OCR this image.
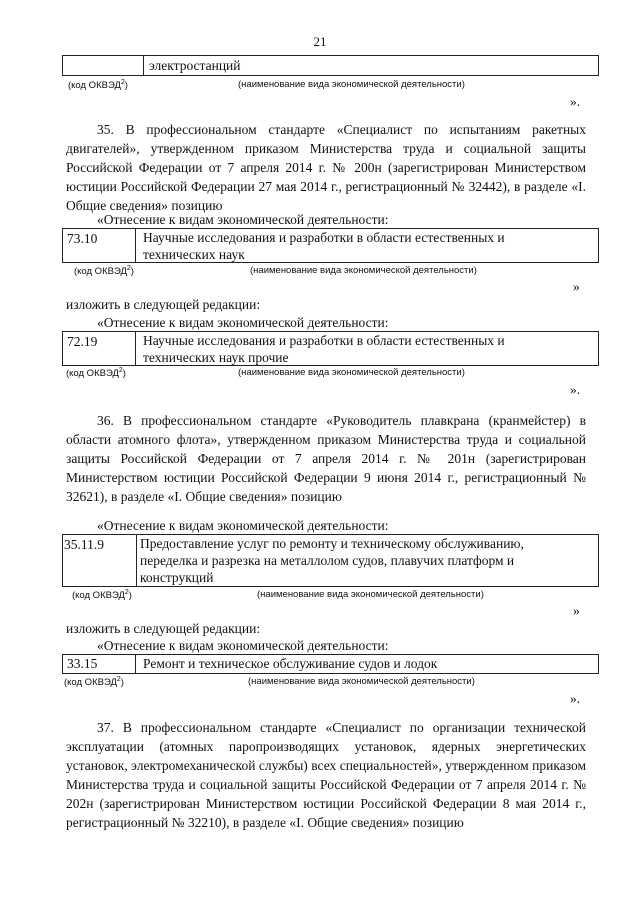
21
электростанций
(код ОКВЭД$^2$)	(наименование вида экономической деятельности)
».
35. В профессиональном стандарте «Специалист по испытаниям ракетных двигателей», утвержденном приказом Министерства труда и социальной защиты Российской Федерации от 7 апреля 2014 г. № 200н (зарегистрирован Министерством юстиции Российской Федерации 27 мая 2014 г., регистрационный № 32442), в разделе «I. Общие сведения» позицию
«Отнесение к видам экономической деятельности:
73.10	Научные исследования и разработки в области естественных и
технических наук
(код ОКВЭД$^2$)	(наименование вида экономической деятельности)
»
изложить в следующей редакции:
«Отнесение к видам экономической деятельности:
72.19	Научные исследования и разработки в области естественных и
технических наук прочие
(код ОКВЭД$^2$)	(наименование вида экономической деятельности)
».
36. В профессиональном стандарте «Руководитель плавкрана (кранмейстер) в области атомного флота», утвержденном приказом Министерства труда и социальной защиты Российской Федерации от 7 апреля 2014 г. № 201н (зарегистрирован Министерством юстиции Российской Федерации 9 июня 2014 г., регистрационный № 32621), в разделе «I. Общие сведения» позицию
«Отнесение к видам экономической деятельности:
35.11.9	Предоставление услуг по ремонту и техническому обслуживанию,
переделка и разрезка на металлолом судов, плавучих платформ и
конструкций
(код ОКВЭД$^2$)	(наименование вида экономической деятельности)
»
изложить в следующей редакции:
«Отнесение к видам экономической деятельности:
33.15	Ремонт и техническое обслуживание судов и лодок
(код ОКВЭД$^2$)	(наименование вида экономической деятельности)
».
37. В профессиональном стандарте «Специалист по организации технической эксплуатации (атомных паропроизводящих установок, ядерных энергетических установок, электромеханической службы) всех специальностей», утвержденном приказом Министерства труда и социальной защиты Российской Федерации от 7 апреля 2014 г. № 202н (зарегистрирован Министерством юстиции Российской Федерации 8 мая 2014 г., регистрационный № 32210), в разделе «I. Общие сведения» позицию
